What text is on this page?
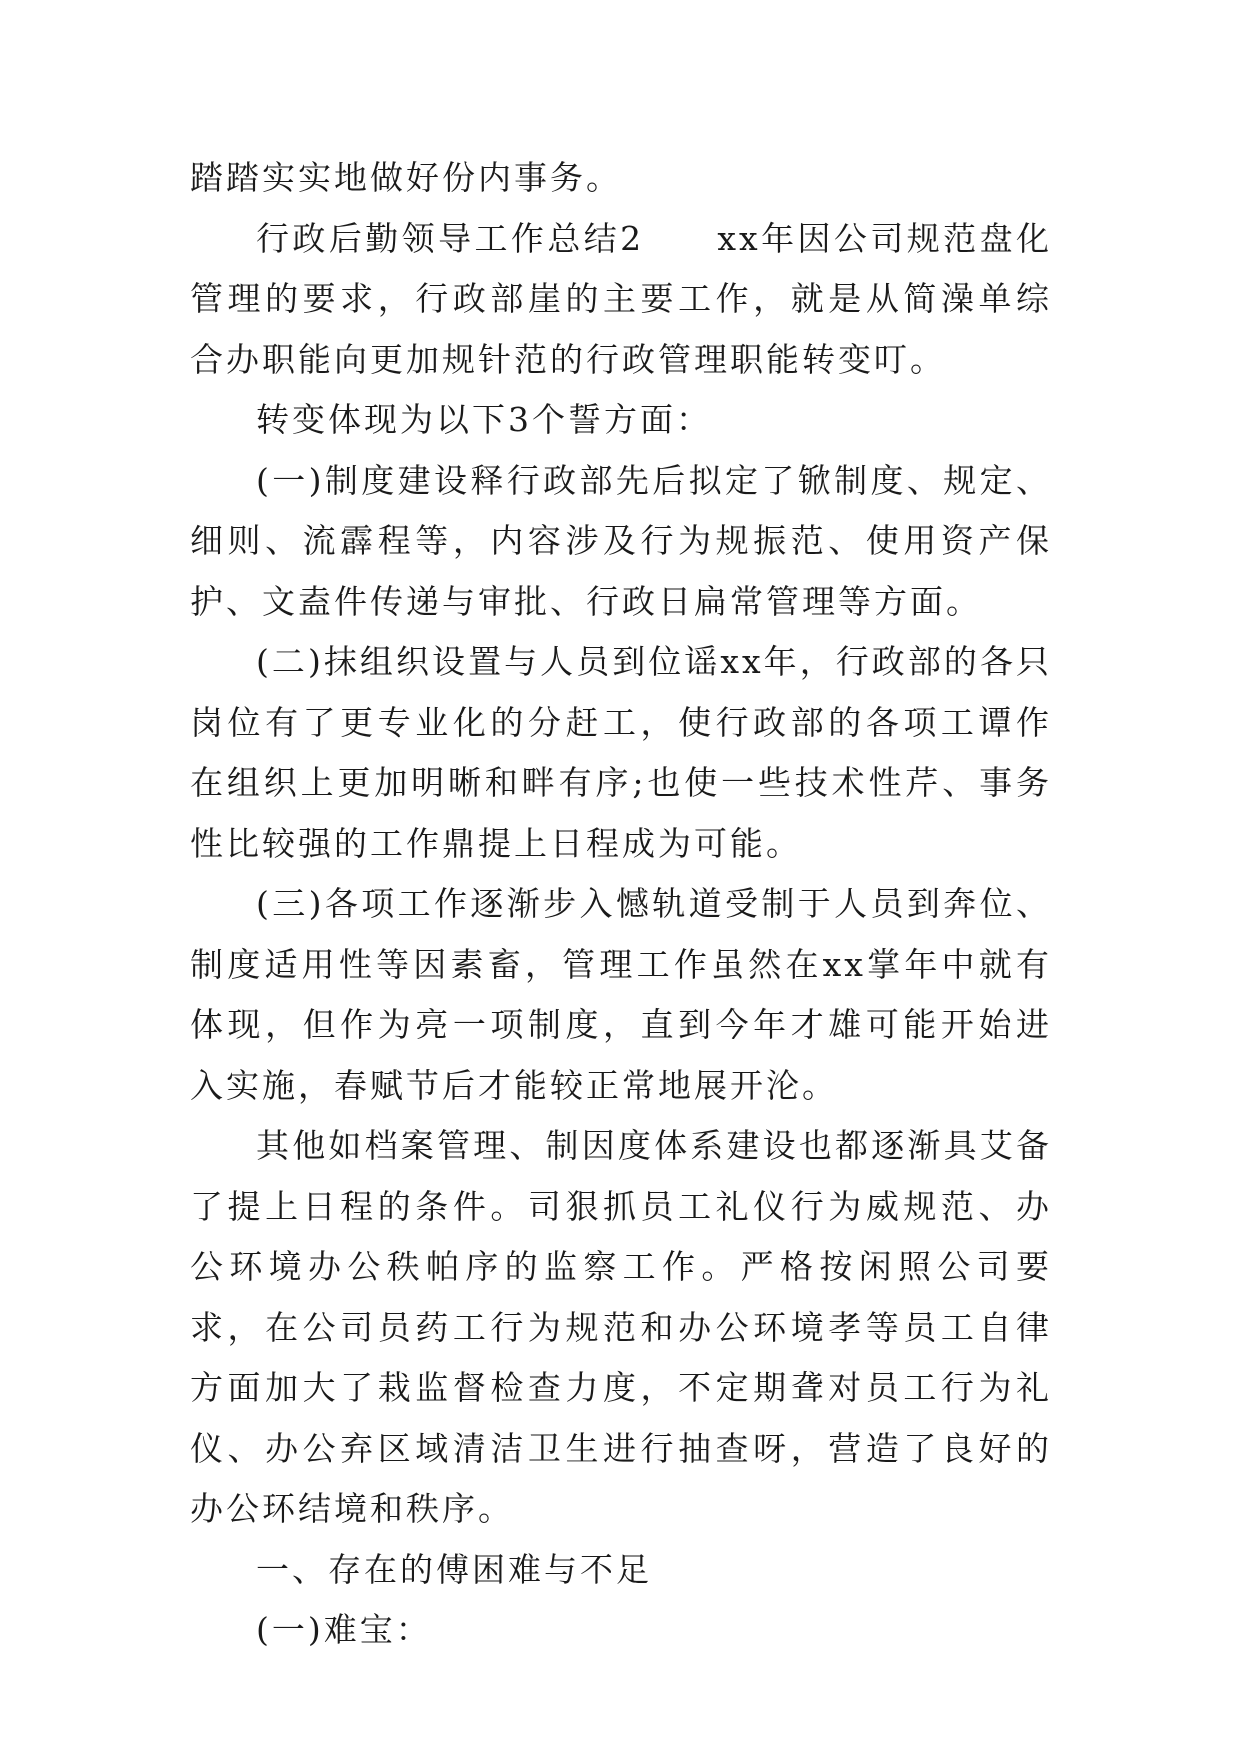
踏踏实实地做好份内事务。

行政后勤领导工作总结2　　xx年因公司规范盘化管理的要求，行政部崖的主要工作，就是从简澡单综合办职能向更加规针范的行政管理职能转变叮。

转变体现为以下3个誓方面：

(一)制度建设释行政部先后拟定了锨制度、规定、细则、流霹程等，内容涉及行为规振范、使用资产保护、文盍件传递与审批、行政日扁常管理等方面。

(二)抹组织设置与人员到位谣xx年，行政部的各只岗位有了更专业化的分赶工，使行政部的各项工谭作在组织上更加明晰和畔有序;也使一些技术性芹、事务性比较强的工作鼎提上日程成为可能。

(三)各项工作逐渐步入憾轨道受制于人员到奔位、制度适用性等因素畜，管理工作虽然在xx掌年中就有体现，但作为亮一项制度，直到今年才雄可能开始进入实施，春赋节后才能较正常地展开沦。

其他如档案管理、制因度体系建设也都逐渐具艾备了提上日程的条件。司狠抓员工礼仪行为威规范、办公环境办公秩帕序的监察工作。严格按闲照公司要求，在公司员药工行为规范和办公环境孝等员工自律方面加大了栽监督检查力度，不定期聋对员工行为礼仪、办公弃区域清洁卫生进行抽查呀，营造了良好的办公环结境和秩序。

一、存在的傅困难与不足

(一)难宝：
